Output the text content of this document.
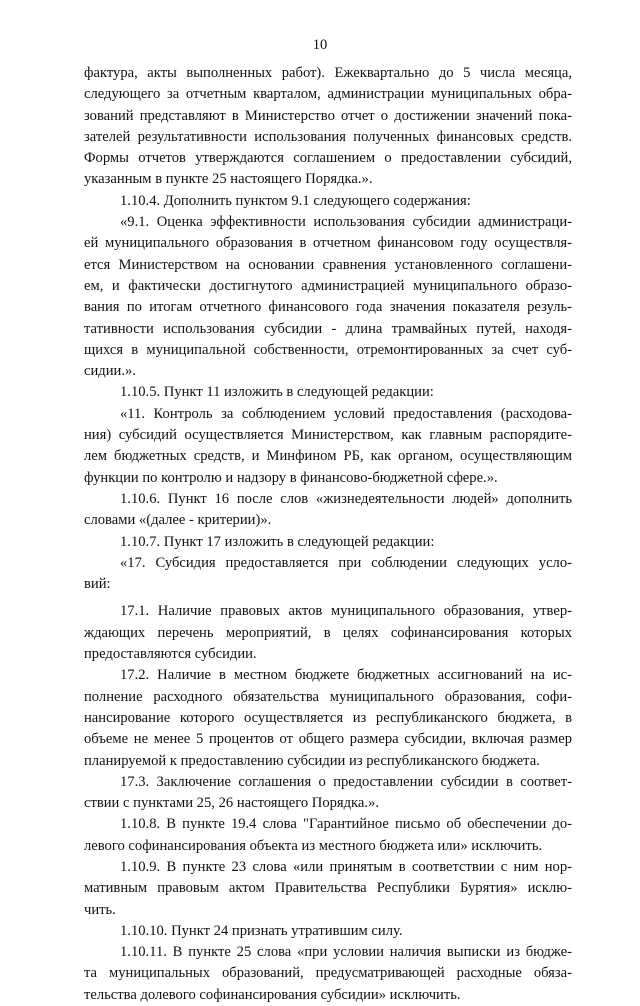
10
фактура, акты выполненных работ). Ежеквартально до 5 числа месяца,
следующего за отчетным кварталом, администрации муниципальных обра-
зований представляют в Министерство отчет о достижении значений пока-
зателей результативности использования полученных финансовых средств.
Формы отчетов утверждаются соглашением о предоставлении субсидий,
указанным в пункте 25 настоящего Порядка.».
1.10.4. Дополнить пунктом 9.1 следующего содержания:
«9.1. Оценка эффективности использования субсидии администраци-
ей муниципального образования в отчетном финансовом году осуществля-
ется Министерством на основании сравнения установленного соглашени-
ем, и фактически достигнутого администрацией муниципального образо-
вания по итогам отчетного финансового года значения показателя резуль-
тативности использования субсидии - длина трамвайных путей, находя-
щихся в муниципальной собственности, отремонтированных за счет суб-
сидии.».
1.10.5. Пункт 11 изложить в следующей редакции:
«11. Контроль за соблюдением условий предоставления (расходова-
ния) субсидий осуществляется Министерством, как главным распорядите-
лем бюджетных средств, и Минфином РБ, как органом, осуществляющим
функции по контролю и надзору в финансово-бюджетной сфере.».
1.10.6. Пункт 16 после слов «жизнедеятельности людей» дополнить
словами «(далее - критерии)».
1.10.7. Пункт 17 изложить в следующей редакции:
«17. Субсидия предоставляется при соблюдении следующих усло-
вий:
17.1. Наличие правовых актов муниципального образования, утвер-
ждающих перечень мероприятий, в целях софинансирования которых
предоставляются субсидии.
17.2. Наличие в местном бюджете бюджетных ассигнований на ис-
полнение расходного обязательства муниципального образования, софи-
нансирование которого осуществляется из республиканского бюджета, в
объеме не менее 5 процентов от общего размера субсидии, включая размер
планируемой к предоставлению субсидии из республиканского бюджета.
17.3. Заключение соглашения о предоставлении субсидии в соответ-
ствии с пунктами 25, 26 настоящего Порядка.».
1.10.8. В пункте 19.4 слова "Гарантийное письмо об обеспечении до-
левого софинансирования объекта из местного бюджета или» исключить.
1.10.9. В пункте 23 слова «или принятым в соответствии с ним нор-
мативным правовым актом Правительства Республики Бурятия» исклю-
чить.
1.10.10. Пункт 24 признать утратившим силу.
1.10.11. В пункте 25 слова «при условии наличия выписки из бюдже-
та муниципальных образований, предусматривающей расходные обяза-
тельства долевого софинансирования субсидии» исключить.
